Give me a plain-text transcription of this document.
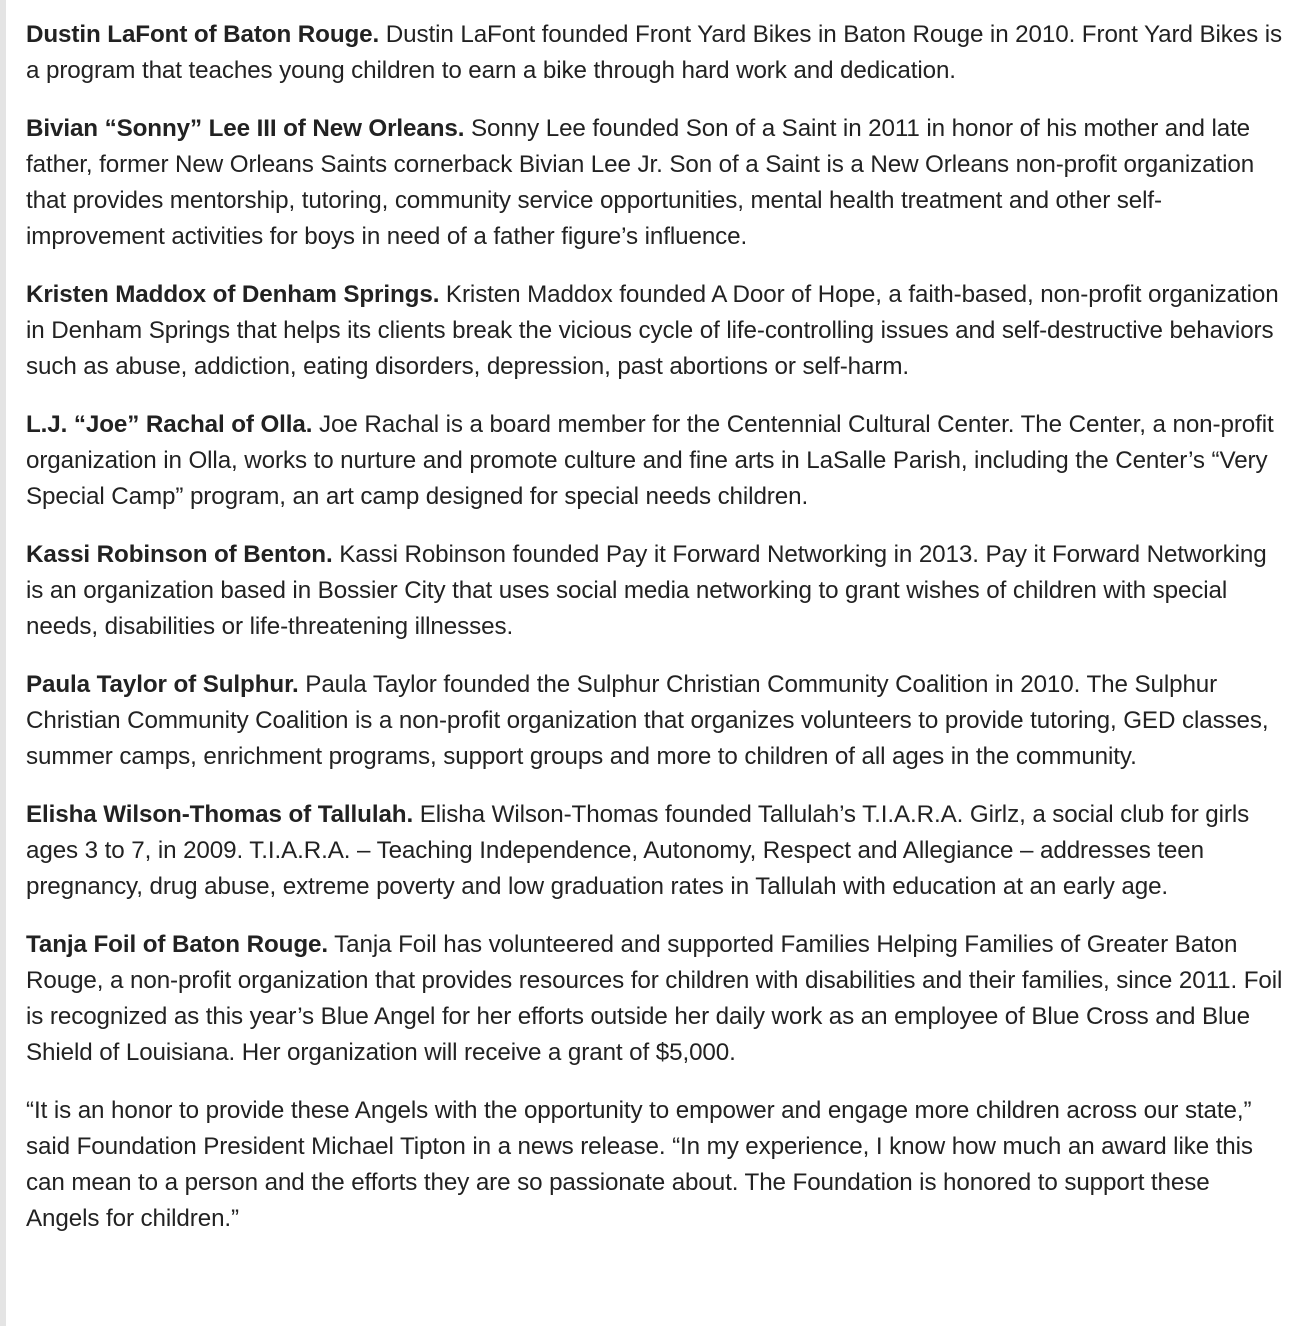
Dustin LaFont of Baton Rouge. Dustin LaFont founded Front Yard Bikes in Baton Rouge in 2010. Front Yard Bikes is a program that teaches young children to earn a bike through hard work and dedication.

Bivian “Sonny” Lee III of New Orleans. Sonny Lee founded Son of a Saint in 2011 in honor of his mother and late father, former New Orleans Saints cornerback Bivian Lee Jr. Son of a Saint is a New Orleans non-profit organization that provides mentorship, tutoring, community service opportunities, mental health treatment and other self-improvement activities for boys in need of a father figure’s influence.

Kristen Maddox of Denham Springs. Kristen Maddox founded A Door of Hope, a faith-based, non-profit organization in Denham Springs that helps its clients break the vicious cycle of life-controlling issues and self-destructive behaviors such as abuse, addiction, eating disorders, depression, past abortions or self-harm.

L.J. “Joe” Rachal of Olla. Joe Rachal is a board member for the Centennial Cultural Center. The Center, a non-profit organization in Olla, works to nurture and promote culture and fine arts in LaSalle Parish, including the Center’s “Very Special Camp” program, an art camp designed for special needs children.

Kassi Robinson of Benton. Kassi Robinson founded Pay it Forward Networking in 2013. Pay it Forward Networking is an organization based in Bossier City that uses social media networking to grant wishes of children with special needs, disabilities or life-threatening illnesses.

Paula Taylor of Sulphur. Paula Taylor founded the Sulphur Christian Community Coalition in 2010. The Sulphur Christian Community Coalition is a non-profit organization that organizes volunteers to provide tutoring, GED classes, summer camps, enrichment programs, support groups and more to children of all ages in the community.

Elisha Wilson-Thomas of Tallulah. Elisha Wilson-Thomas founded Tallulah’s T.I.A.R.A. Girlz, a social club for girls ages 3 to 7, in 2009. T.I.A.R.A. – Teaching Independence, Autonomy, Respect and Allegiance – addresses teen pregnancy, drug abuse, extreme poverty and low graduation rates in Tallulah with education at an early age.

Tanja Foil of Baton Rouge. Tanja Foil has volunteered and supported Families Helping Families of Greater Baton Rouge, a non-profit organization that provides resources for children with disabilities and their families, since 2011. Foil is recognized as this year’s Blue Angel for her efforts outside her daily work as an employee of Blue Cross and Blue Shield of Louisiana. Her organization will receive a grant of $5,000.

“It is an honor to provide these Angels with the opportunity to empower and engage more children across our state,” said Foundation President Michael Tipton in a news release. “In my experience, I know how much an award like this can mean to a person and the efforts they are so passionate about. The Foundation is honored to support these Angels for children.”
